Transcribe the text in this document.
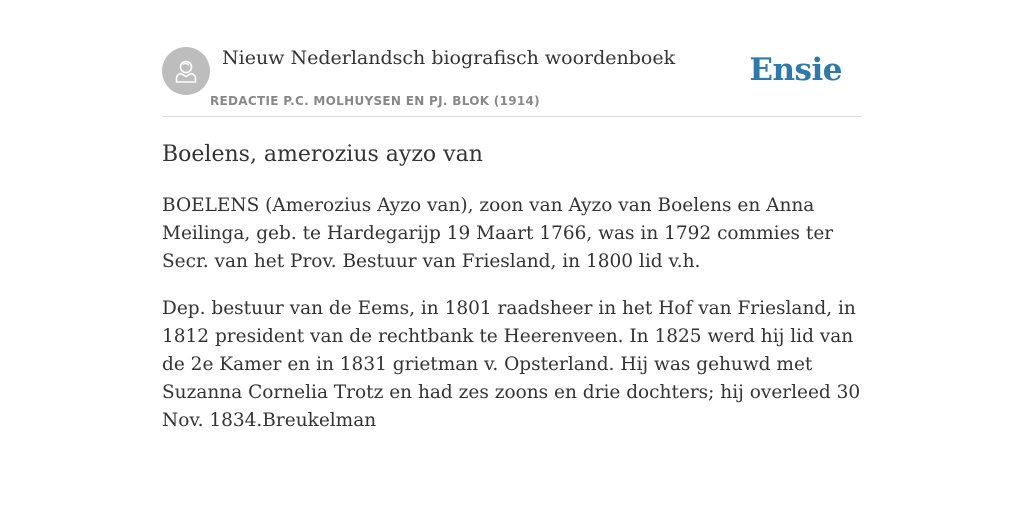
Nieuw Nederlandsch biografisch woordenboek
REDACTIE P.C. MOLHUYSEN EN PJ. BLOK (1914)
Ensie
Boelens, amerozius ayzo van

BOELENS (Amerozius Ayzo van), zoon van Ayzo van Boelens en Anna Meilinga, geb. te Hardegarijp 19 Maart 1766, was in 1792 commies ter Secr. van het Prov. Bestuur van Friesland, in 1800 lid v.h.

Dep. bestuur van de Eems, in 1801 raadsheer in het Hof van Friesland, in 1812 president van de rechtbank te Heerenveen. In 1825 werd hij lid van de 2e Kamer en in 1831 grietman v. Opsterland. Hij was gehuwd met Suzanna Cornelia Trotz en had zes zoons en drie dochters; hij overleed 30 Nov. 1834.Breukelman
